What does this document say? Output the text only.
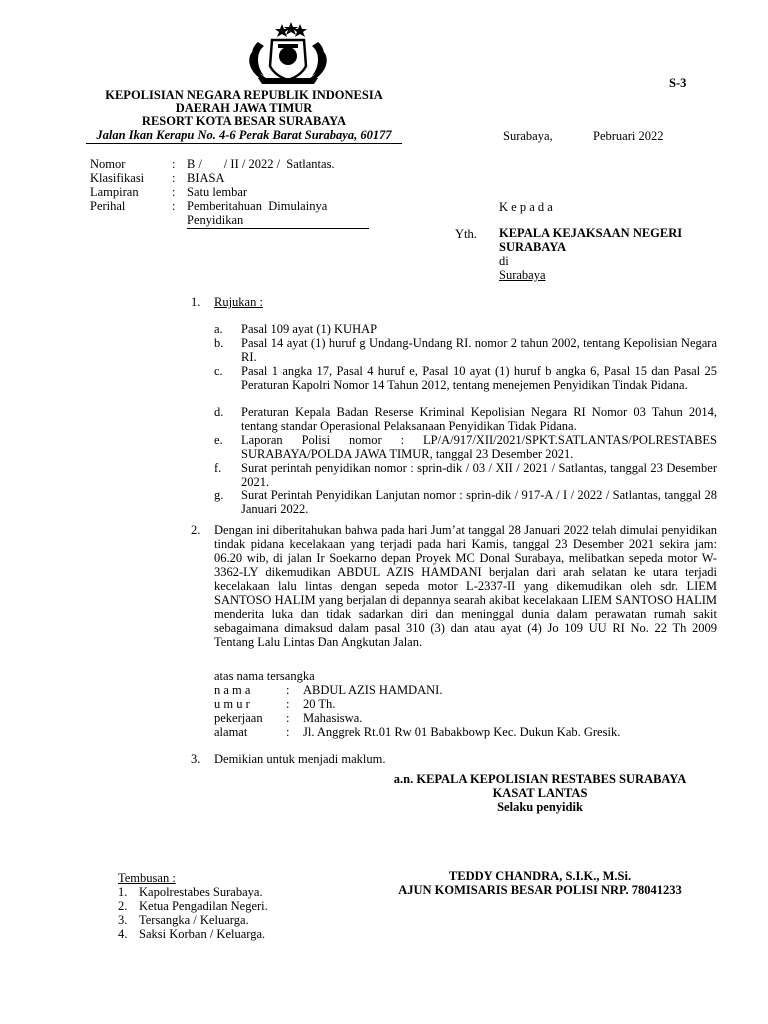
S-3
KEPOLISIAN NEGARA REPUBLIK INDONESIA
DAERAH JAWA TIMUR
RESORT KOTA BESAR SURABAYA
Jalan Ikan Kerapu No. 4-6 Perak Barat Surabaya, 60177	Surabaya,	Pebruari 2022
Nomor	: B /       / II / 2022 /  Satlantas.
Klasifikasi : BIASA
Lampiran	: Satu lembar
Perihal	: Pemberitahuan  Dimulainya
Penyidikan
K e p a d a
Yth. KEPALA KEJAKSAAN NEGERI
SURABAYA
di
Surabaya
1. Rujukan :
a.	Pasal 109 ayat (1) KUHAP
b.	Pasal 14 ayat (1) huruf g Undang-Undang RI. nomor 2 tahun 2002, tentang Kepolisian Negara RI.
c.	Pasal 1 angka 17, Pasal 4 huruf e, Pasal 10 ayat (1) huruf b angka 6, Pasal 15 dan Pasal 25 Peraturan Kapolri Nomor 14 Tahun 2012, tentang menejemen Penyidikan Tindak Pidana.
d.	Peraturan Kepala Badan Reserse Kriminal Kepolisian Negara RI Nomor 03 Tahun 2014, tentang standar Operasional Pelaksanaan Penyidikan Tidak Pidana.
e.	Laporan Polisi nomor : LP/A/917/XII/2021/SPKT.SATLANTAS/POLRESTABES SURABAYA/POLDA JAWA TIMUR, tanggal 23 Desember 2021.
f.	Surat perintah penyidikan nomor : sprin-dik / 03 / XII / 2021 / Satlantas, tanggal 23 Desember 2021.
g.	Surat Perintah Penyidikan Lanjutan nomor : sprin-dik / 917-A / I / 2022 / Satlantas, tanggal 28 Januari 2022.
2. Dengan ini diberitahukan bahwa pada hari Jum’at tanggal 28 Januari 2022 telah dimulai penyidikan tindak pidana kecelakaan yang terjadi pada hari Kamis, tanggal 23 Desember 2021 sekira jam: 06.20 wib, di jalan Ir Soekarno depan Proyek MC Donal Surabaya, melibatkan sepeda motor W-3362-LY dikemudikan ABDUL AZIS HAMDANI berjalan dari arah selatan ke utara terjadi kecelakaan lalu lintas dengan sepeda motor L-2337-II yang dikemudikan oleh sdr. LIEM SANTOSO HALIM yang berjalan di depannya searah akibat kecelakaan LIEM SANTOSO HALIM menderita luka dan tidak sadarkan diri dan meninggal dunia dalam perawatan rumah sakit sebagaimana dimaksud dalam pasal 310 (3) dan atau ayat (4) Jo 109 UU RI No. 22 Th 2009 Tentang Lalu Lintas Dan Angkutan Jalan.
atas nama tersangka
n a m a	: ABDUL AZIS HAMDANI.
u m u r	: 20 Th.
pekerjaan : Mahasiswa.
alamat	: Jl. Anggrek Rt.01 Rw 01 Babakbowp Kec. Dukun Kab. Gresik.
3. Demikian untuk menjadi maklum.
a.n. KEPALA KEPOLISIAN RESTABES SURABAYA
KASAT LANTAS
Selaku penyidik
TEDDY CHANDRA, S.I.K., M.Si.
AJUN KOMISARIS BESAR POLISI NRP. 78041233
Tembusan :
1. Kapolrestabes Surabaya.
2. Ketua Pengadilan Negeri.
3. Tersangka / Keluarga.
4. Saksi Korban / Keluarga.
